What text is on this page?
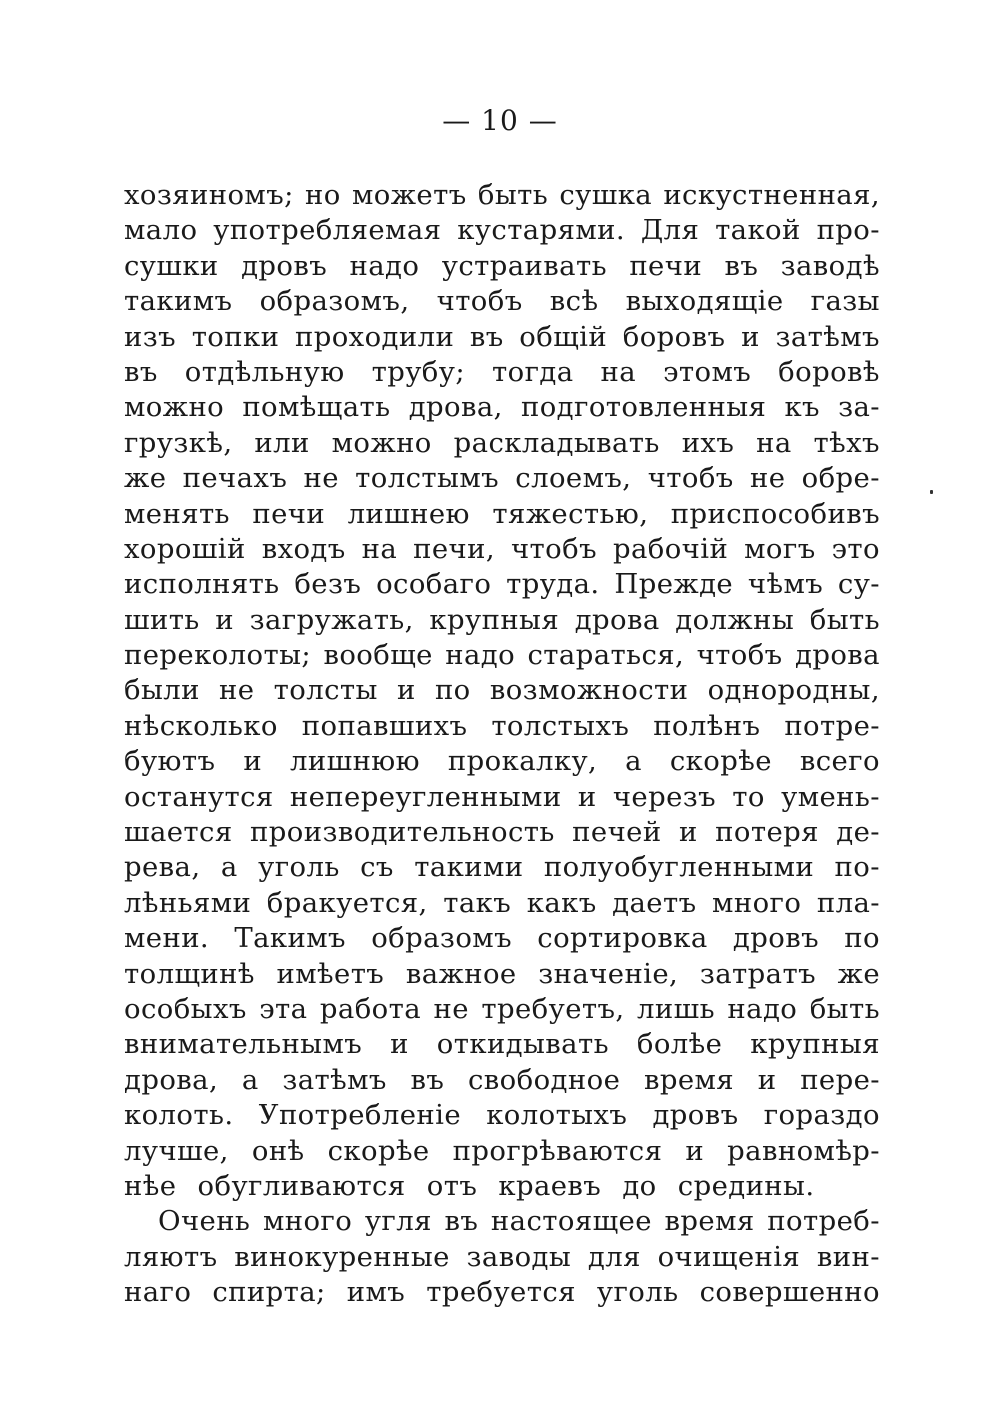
— 10 —
хозяиномъ; но можетъ быть сушка искустненная,
мало употребляемая кустарями. Для такой про-
сушки дровъ надо устраивать печи въ заводѣ
такимъ образомъ, чтобъ всѣ выходящіе газы
изъ топки проходили въ общій боровъ и затѣмъ
въ отдѣльную трубу; тогда на этомъ боровѣ
можно помѣщать дрова, подготовленныя къ за-
грузкѣ, или можно раскладывать ихъ на тѣхъ
же печахъ не толстымъ слоемъ, чтобъ не обре-
менять печи лишнею тяжестью, приспособивъ
хорошій входъ на печи, чтобъ рабочій могъ это
исполнять безъ особаго труда. Прежде чѣмъ су-
шить и загружать, крупныя дрова должны быть
переколоты; вообще надо стараться, чтобъ дрова
были не толсты и по возможности однородны,
нѣсколько попавшихъ толстыхъ полѣнъ потре-
буютъ и лишнюю прокалку, а скорѣе всего
останутся непереугленными и черезъ то умень-
шается производительность печей и потеря де-
рева, а уголь съ такими полуобугленными по-
лѣньями бракуется, такъ какъ даетъ много пла-
мени. Такимъ образомъ сортировка дровъ по
толщинѣ имѣетъ важное значеніе, затратъ же
особыхъ эта работа не требуетъ, лишь надо быть
внимательнымъ и откидывать болѣе крупныя
дрова, а затѣмъ въ свободное время и пере-
колоть. Употребленіе колотыхъ дровъ гораздо
лучше, онѣ скорѣе прогрѣваются и равномѣр-
нѣе обугливаются отъ краевъ до средины.
Очень много угля въ настоящее время потреб-
ляютъ винокуренные заводы для очищенія вин-
наго спирта; имъ требуется уголь совершенно
